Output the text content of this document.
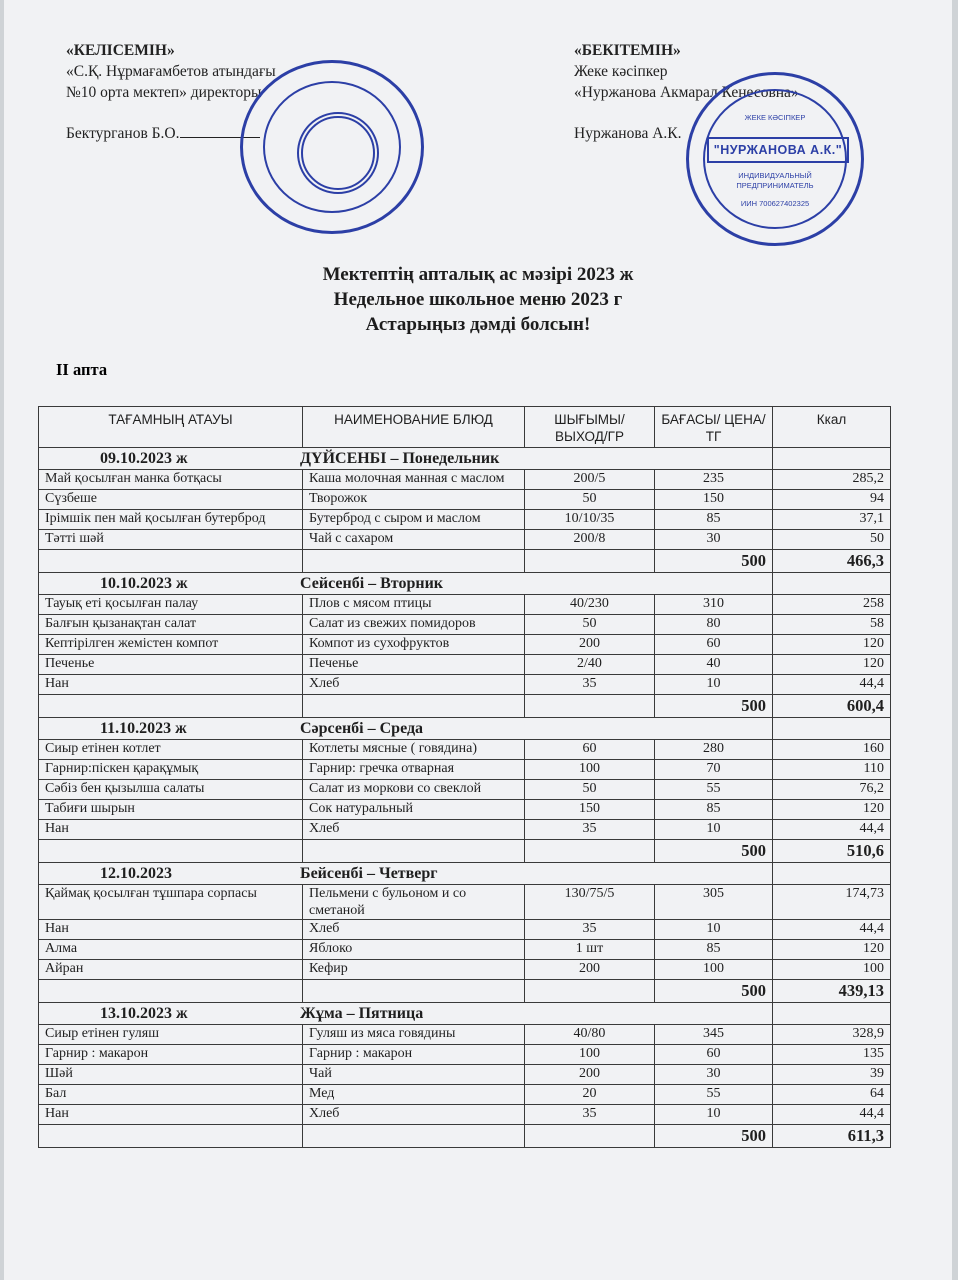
«КЕЛІСЕМІН»
«С.Қ. Нұрмағамбетов атындағы
№10 орта мектеп» директоры
Бектурганов Б.О.
«БЕКІТЕМІН»
Жеке кәсіпкер
«Нуржанова Акмарал Кенесовна»
Нуржанова А.К.
ЖЕКЕ КӘСІПКЕР
"НУРЖАНОВА А.К."
ИНДИВИДУАЛЬНЫЙ
ПРЕДПРИНИМАТЕЛЬ
ИИН 700627402325
Мектептің апталық ас мәзірі 2023 ж
Недельное школьное меню 2023 г
Астарыңыз дәмді болсын!
II апта
ТАҒАМНЫҢ АТАУЫ	НАИМЕНОВАНИЕ БЛЮД	ШЫҒЫМЫ/ ВЫХОД/ГР	БАҒАСЫ/ ЦЕНА/ТГ	Ккал
09.10.2023 ж ДҮЙСЕНБІ – Понедельник				
Май қосылған манка ботқасы	Каша молочная манная с маслом	200/5	235	285,2
Сүзбеше	Творожок	50	150	94
Ірімшік пен май қосылған бутерброд	Бутерброд с сыром и маслом	10/10/35	85	37,1
Тәтті шәй	Чай с сахаром	200/8	30	50
			500	466,3
10.10.2023 ж Сейсенбі – Вторник				
Тауық еті қосылған палау	Плов с мясом птицы	40/230	310	258
Балғын қызанақтан салат	Салат из свежих помидоров	50	80	58
Кептірілген жемістен компот	Компот из сухофруктов	200	60	120
Печенье	Печенье	2/40	40	120
Нан	Хлеб	35	10	44,4
			500	600,4
11.10.2023 ж Сәрсенбі – Среда				
Сиыр етінен котлет	Котлеты мясные ( говядина)	60	280	160
Гарнир:піскен қарақұмық	Гарнир: гречка отварная	100	70	110
Сәбіз бен қызылша салаты	Салат из моркови со свеклой	50	55	76,2
Табиғи шырын	Сок натуральный	150	85	120
Нан	Хлеб	35	10	44,4
			500	510,6
12.10.2023 Бейсенбі – Четверг				
Қаймақ қосылған тұшпара сорпасы	Пельмени с бульоном и со сметаной	130/75/5	305	174,73
Нан	Хлеб	35	10	44,4
Алма	Яблоко	1 шт	85	120
Айран	Кефир	200	100	100
			500	439,13
13.10.2023 ж Жұма – Пятница				
Сиыр етінен гуляш	Гуляш из мяса говядины	40/80	345	328,9
Гарнир : макарон	Гарнир : макарон	100	60	135
Шәй	Чай	200	30	39
Бал	Мед	20	55	64
Нан	Хлеб	35	10	44,4
			500	611,3
